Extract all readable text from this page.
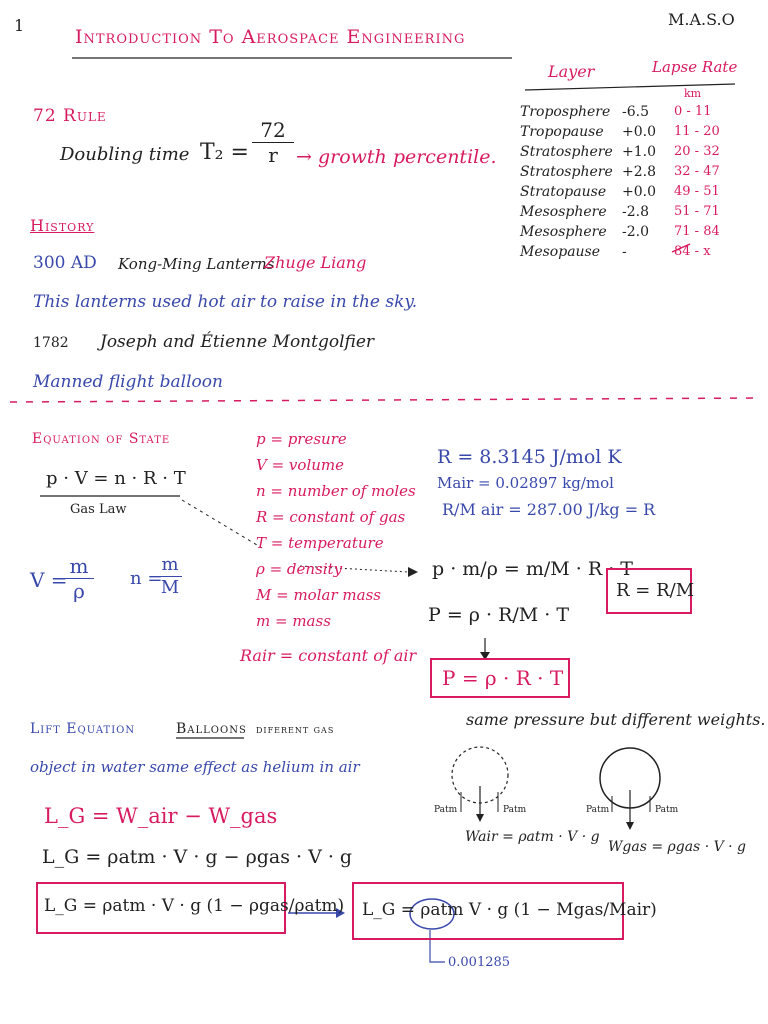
1
Introduction To Aerospace Engineering
M.A.S.O
72 Rule
Doubling time T₂ =
72
r → growth percentile.
History
300 AD Kong-Ming Lanterns
Zhuge Liang
This lanterns used hot air to raise in the sky.
1782 Joseph and Étienne Montgolfier
Manned flight balloon
Layer	Lapse Rate
km
Troposphere -6.5 0 - 11
Tropopause +0.0 11 - 20
Stratosphere +1.0 20 - 32
Stratosphere +2.8 32 - 47
Stratopause +0.0 49 - 51
Mesosphere -2.8 51 - 71
Mesosphere -2.0 71 - 84
Mesopause -	84 - x
Equation of State
p · V = n · R · T
Gas Law
V =
m
ρ
n =
m
M
p = presure
V = volume
n = number of moles
R = constant of gas
T = temperature
ρ = density
M = molar mass
m = mass
Rair = constant of air
R = 8.3145 J/mol K
Mair = 0.02897 kg/mol
R/M air = 287.00 J/kg = R
p · m/ρ = m/M · R · T
P = ρ · R/M · T
P = ρ · R · T
R = R/M
Lift Equation	Balloons diferent gas
same pressure but different weights.
object in water same effect as helium in air
L_G = W_air − W_gas
L_G = ρatm · V · g − ρgas · V · g
L_G = ρatm · V · g (1 − ρgas/ρatm) L_G = ρatm V · g (1 − Mgas/Mair)
0.001285
Patm	Patm	Patm	Patm
Wair = ρatm · V · g
Wgas = ρgas · V · g
